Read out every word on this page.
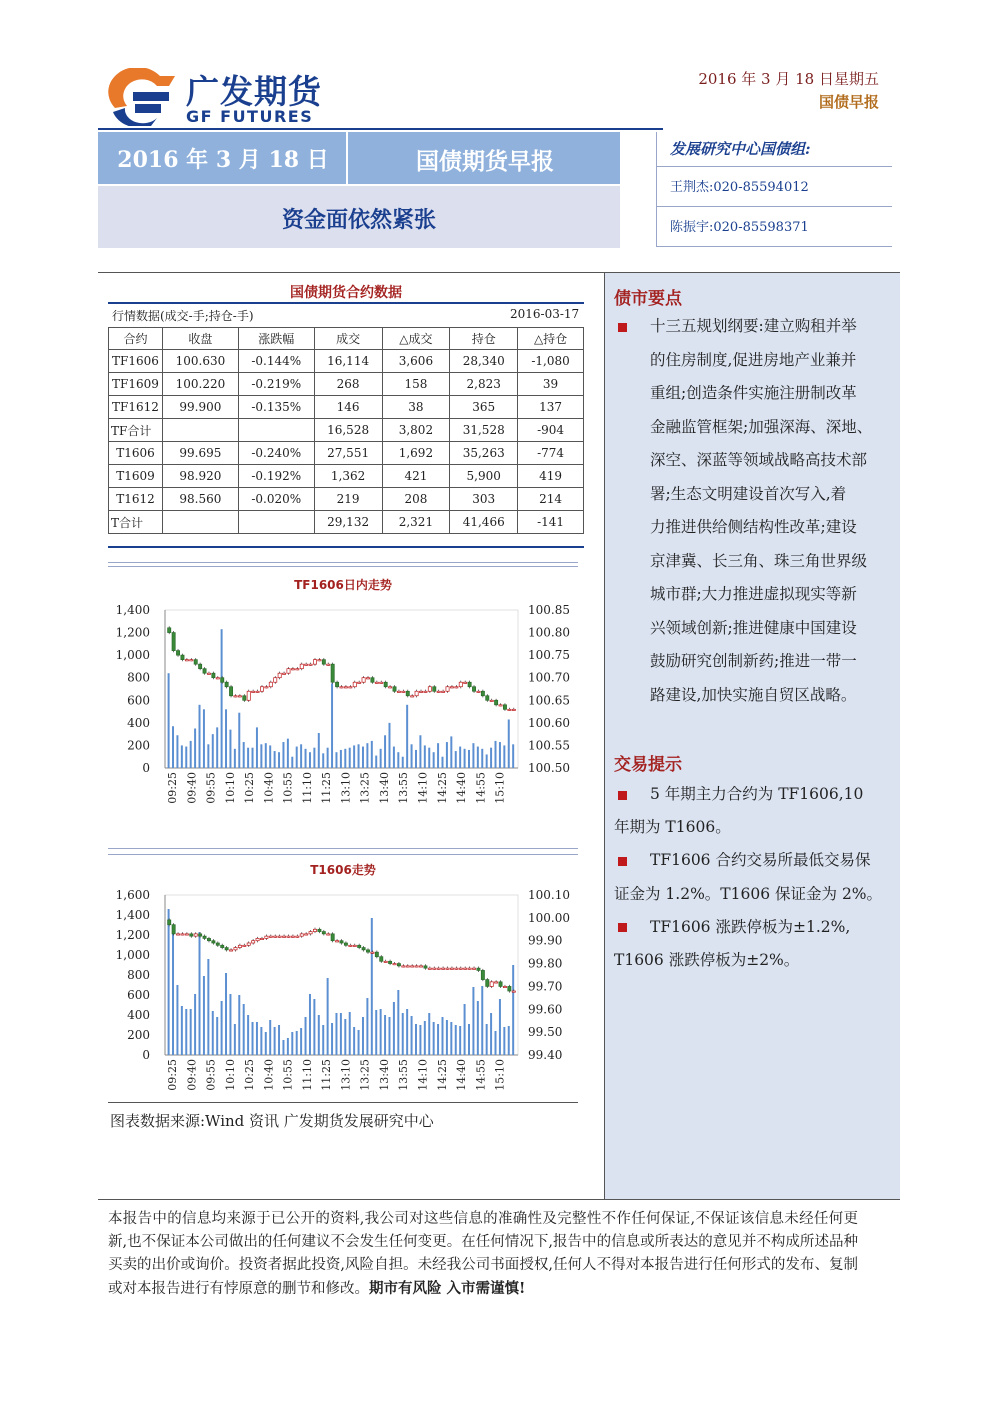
广发期货
GF FUTURES
2016 年 3 月 18 日星期五
国债早报
2016 年 3 月 18 日	国债期货早报
资金面依然紧张
发展研究中心国债组:
王荆杰:020-85594012
陈振宇:020-85598371
国债期货合约数据
行情数据(成交-手;持仓-手)	2016-03-17
合约	收盘	涨跌幅	成交	△成交	持仓	△持仓
TF1606	100.630	-0.144%	16,114	3,606	28,340	-1,080
TF1609	100.220	-0.219%	268	158	2,823	39
TF1612	99.900	-0.135%	146	38	365	137
TF合计			16,528	3,802	31,528	-904
T1606	99.695	-0.240%	27,551	1,692	35,263	-774
T1609	98.920	-0.192%	1,362	421	5,900	419
T1612	98.560	-0.020%	219	208	303	214
T合计			29,132	2,321	41,466	-141
TF1606日内走势
0
200
400
600
800
1,000
1,200
1,400
100.50
100.55
100.60
100.65
100.70
100.75
100.80
100.85
09:25 09:40 09:55 10:10 10:25 10:40 10:55 11:10 11:25 13:10 13:25 13:40 13:55 14:10 14:25 14:40 14:55 15:10
T1606走势
0
200
400
600
800
1,000
1,200
1,400
1,600
99.40
99.50
99.60
99.70
99.80
99.90
100.00
100.10
09:25 09:40 09:55 10:10 10:25 10:40 10:55 11:10 11:25 13:10 13:25 13:40 13:55 14:10 14:25 14:40 14:55 15:10
图表数据来源:Wind 资讯 广发期货发展研究中心
债市要点
十三五规划纲要:建立购租并举
的住房制度,促进房地产业兼并
重组;创造条件实施注册制改革
金融监管框架;加强深海、深地、
深空、深蓝等领域战略高技术部
署;生态文明建设首次写入,着
力推进供给侧结构性改革;建设
京津冀、长三角、珠三角世界级
城市群;大力推进虚拟现实等新
兴领域创新;推进健康中国建设
鼓励研究创制新药;推进一带一
路建设,加快实施自贸区战略。
交易提示
5 年期主力合约为 TF1606,10
年期为 T1606。
TF1606 合约交易所最低交易保
证金为 1.2%。T1606 保证金为 2%。
TF1606 涨跌停板为±1.2%,
T1606 涨跌停板为±2%。
本报告中的信息均来源于已公开的资料,我公司对这些信息的准确性及完整性不作任何保证,不保证该信息未经任何更新,也不保证本公司做出的任何建议不会发生任何变更。在任何情况下,报告中的信息或所表达的意见并不构成所述品种买卖的出价或询价。投资者据此投资,风险自担。未经我公司书面授权,任何人不得对本报告进行任何形式的发布、复制或对本报告进行有悖原意的删节和修改。期市有风险 入市需谨慎!
